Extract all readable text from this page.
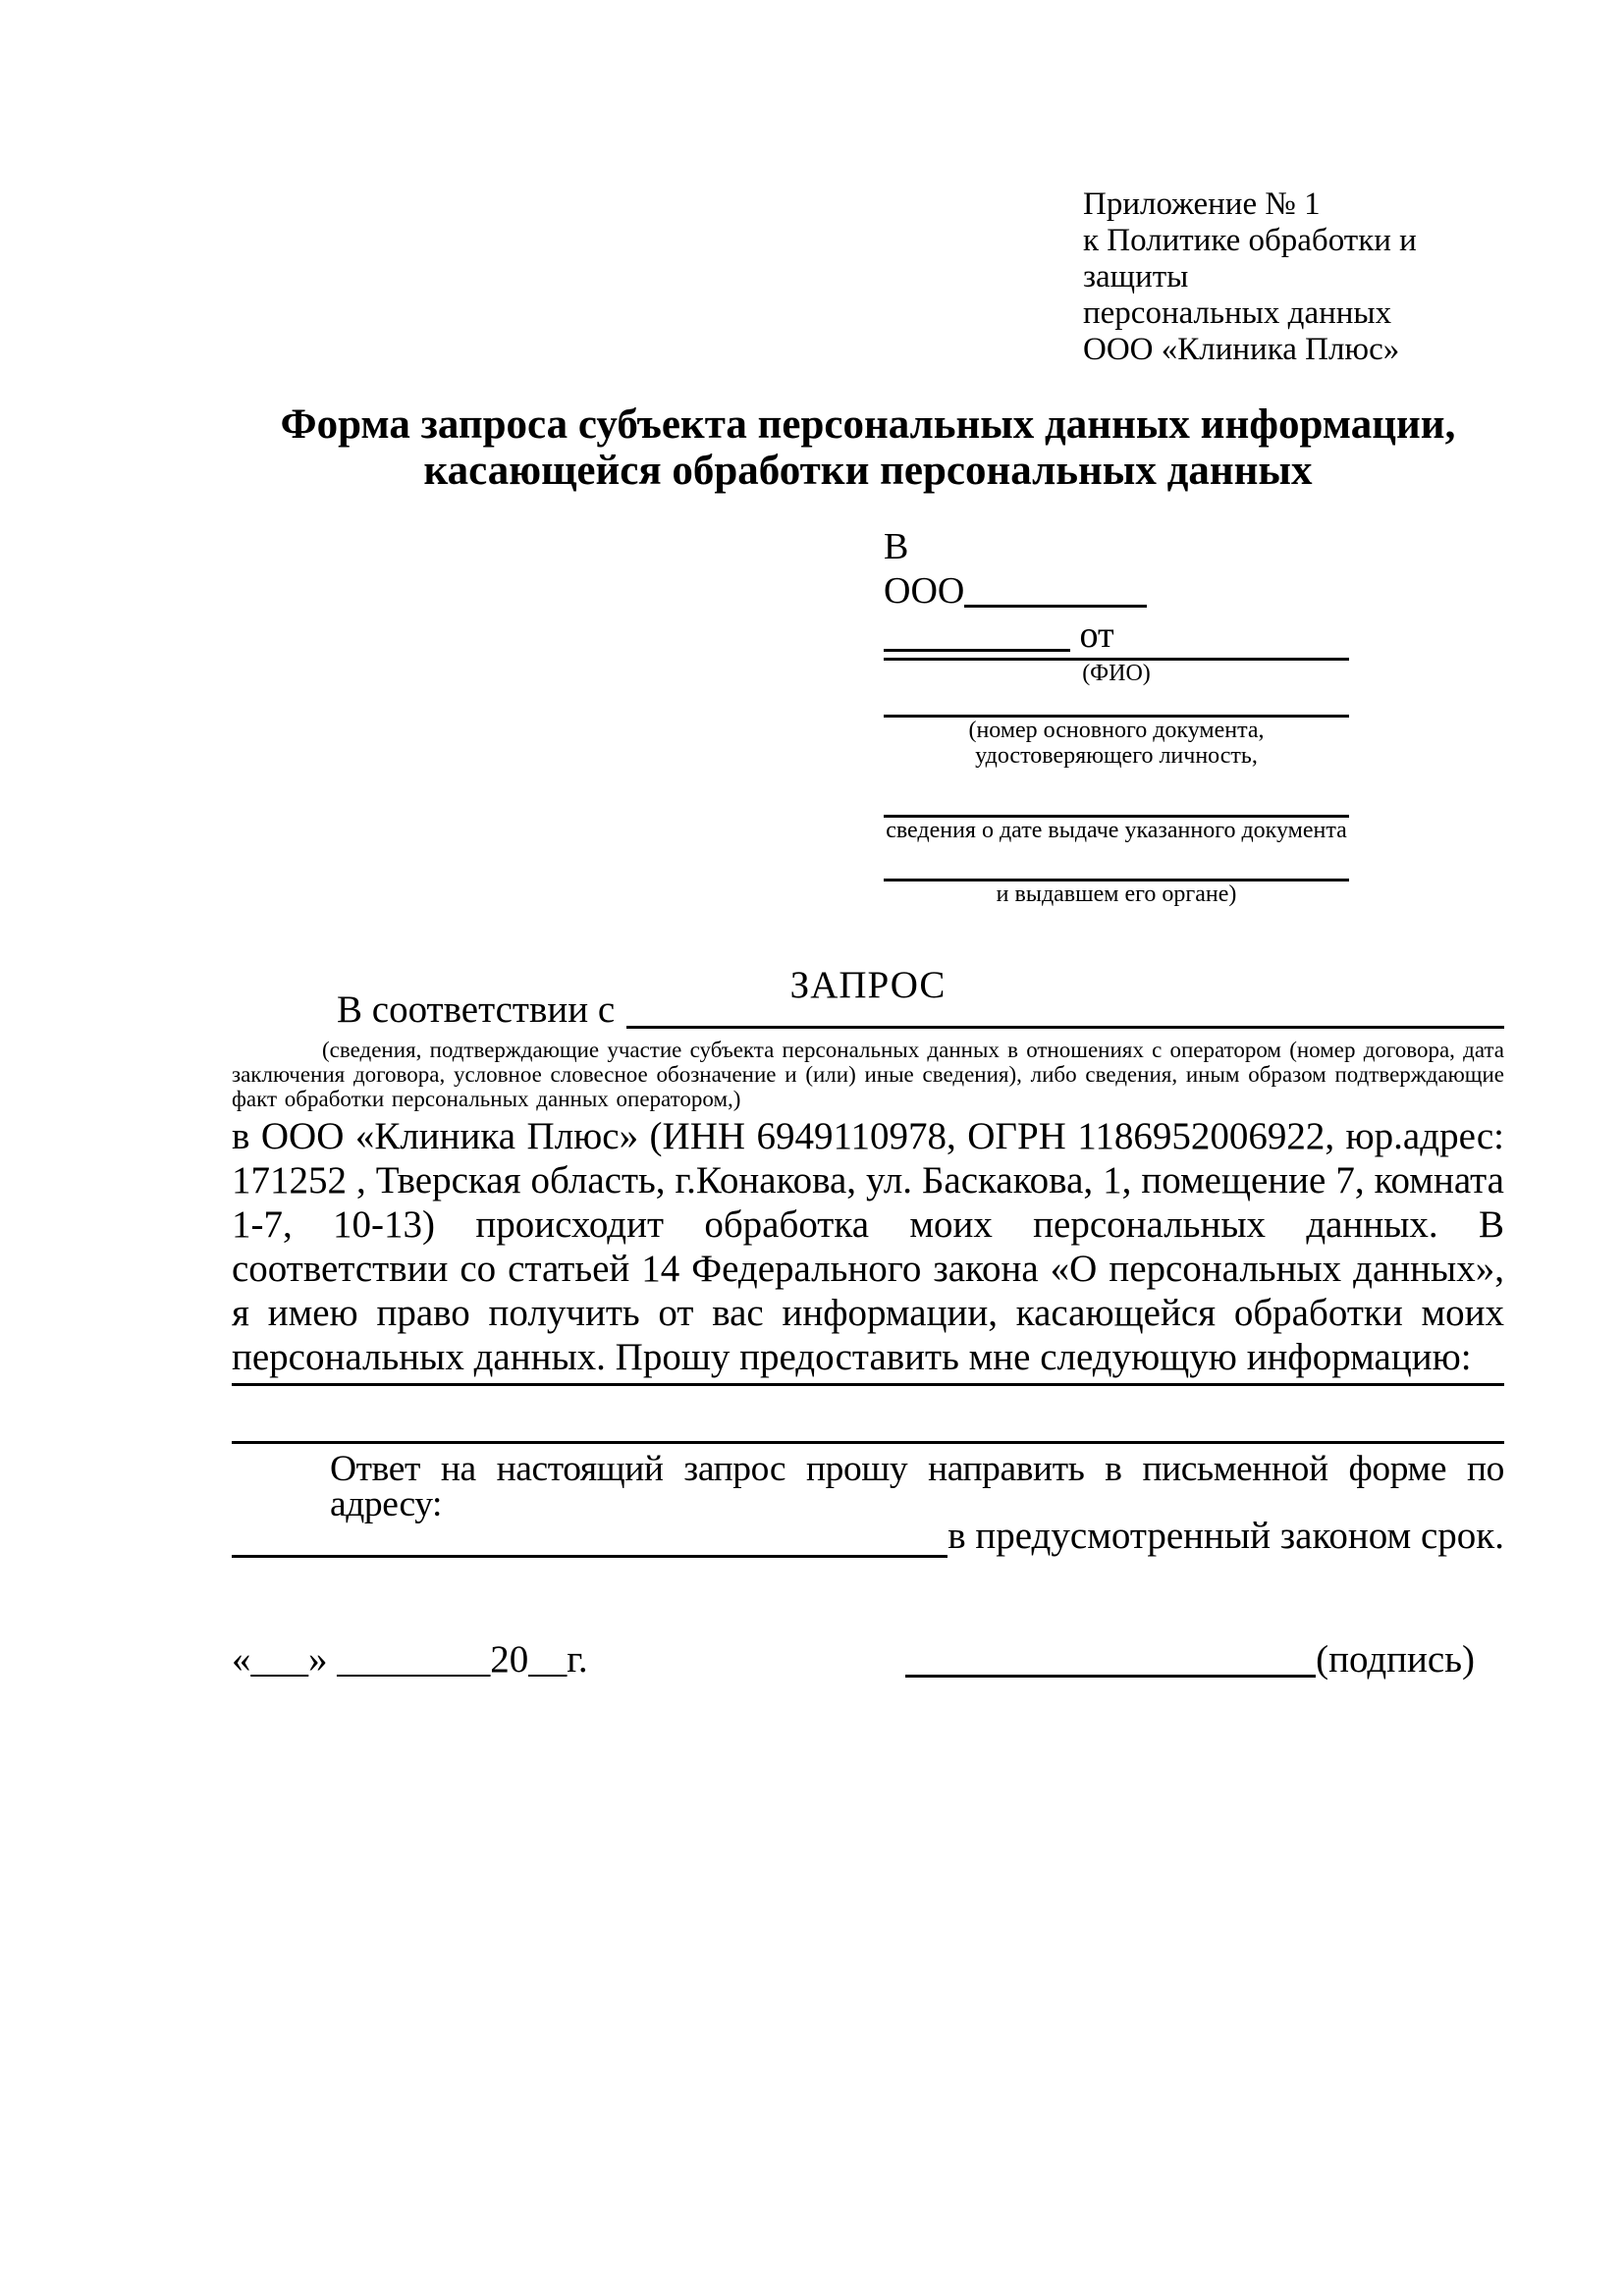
Приложение № 1
к Политике обработки и защиты
персональных данных
ООО «Клиника Плюс»
Форма запроса субъекта персональных данных информации,
касающейся обработки персональных данных
В
ООО
от
(ФИО)
(номер основного документа, удостоверяющего личность,
сведения о дате выдаче указанного документа
и выдавшем его органе)
ЗАПРОС
В соответствии с
(сведения, подтверждающие участие субъекта персональных данных в отношениях с оператором (номер договора, дата заключения договора, условное словесное обозначение и (или) иные сведения), либо сведения, иным образом подтверждающие факт обработки персональных данных оператором,)
в ООО «Клиника Плюс» (ИНН 6949110978, ОГРН 1186952006922, юр.адрес: 171252 , Тверская область, г.Конакова, ул. Баскакова, 1, помещение 7, комната 1-7, 10-13) происходит обработка моих персональных данных. В соответствии со статьей 14 Федерального закона «О персональных данных», я имею право получить от вас информации, касающейся обработки моих персональных данных. Прошу предоставить мне следующую информацию:
Ответ на настоящий запрос прошу направить в письменной форме по адресу:
в предусмотренный законом срок.
«___» ________20__г.	(подпись)
